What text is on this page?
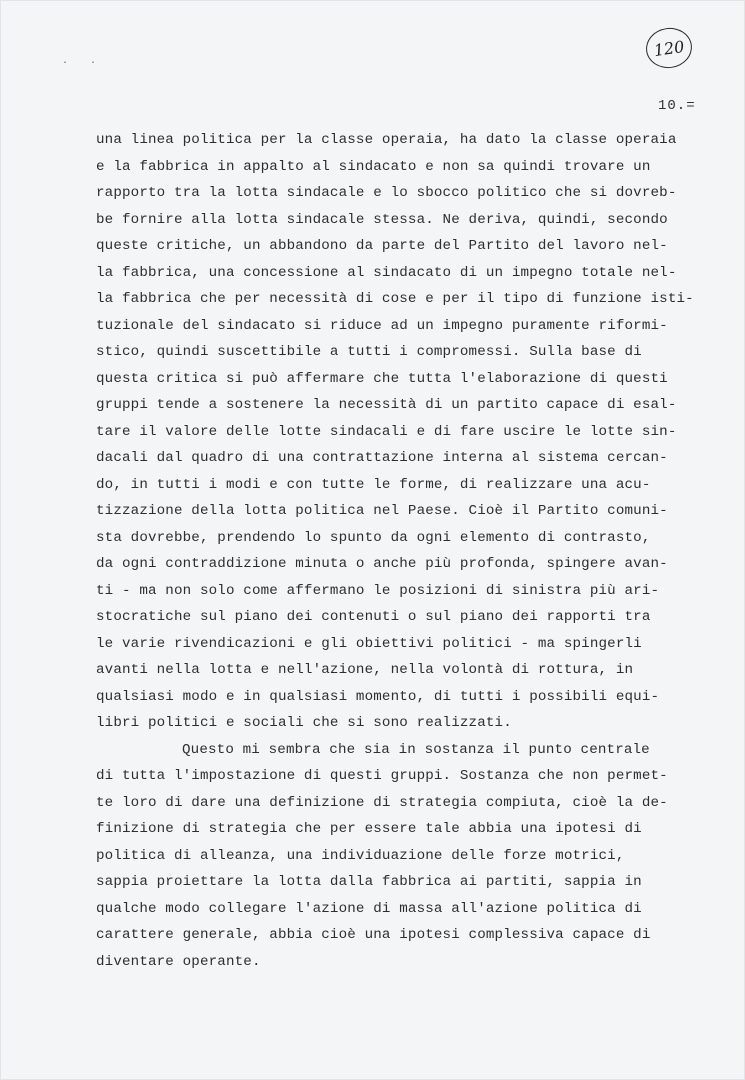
. .
120
10.=
una linea politica per la classe operaia, ha dato la classe operaia
e la fabbrica in appalto al sindacato e non sa quindi trovare un
rapporto tra la lotta sindacale e lo sbocco politico che si dovreb-
be fornire alla lotta sindacale stessa. Ne deriva, quindi, secondo
queste critiche, un abbandono da parte del Partito del lavoro nel-
la fabbrica, una concessione al sindacato di un impegno totale nel-
la fabbrica che per necessità di cose e per il tipo di funzione isti-
tuzionale del sindacato si riduce ad un impegno puramente riformi-
stico, quindi suscettibile a tutti i compromessi. Sulla base di
questa critica si può affermare che tutta l'elaborazione di questi
gruppi tende a sostenere la necessità di un partito capace di esal-
tare il valore delle lotte sindacali e di fare uscire le lotte sin-
dacali dal quadro di una contrattazione interna al sistema cercan-
do, in tutti i modi e con tutte le forme, di realizzare una acu-
tizzazione della lotta politica nel Paese. Cioè il Partito comuni-
sta dovrebbe, prendendo lo spunto da ogni elemento di contrasto,
da ogni contraddizione minuta o anche più profonda, spingere avan-
ti - ma non solo come affermano le posizioni di sinistra più ari-
stocratiche sul piano dei contenuti o sul piano dei rapporti tra
le varie rivendicazioni e gli obiettivi politici - ma spingerli
avanti nella lotta e nell'azione, nella volontà di rottura, in
qualsiasi modo e in qualsiasi momento, di tutti i possibili equi-
libri politici e sociali che si sono realizzati.
Questo mi sembra che sia in sostanza il punto centrale
di tutta l'impostazione di questi gruppi. Sostanza che non permet-
te loro di dare una definizione di strategia compiuta, cioè la de-
finizione di strategia che per essere tale abbia una ipotesi di
politica di alleanza, una individuazione delle forze motrici,
sappia proiettare la lotta dalla fabbrica ai partiti, sappia in
qualche modo collegare l'azione di massa all'azione politica di
carattere generale, abbia cioè una ipotesi complessiva capace di
diventare operante.
